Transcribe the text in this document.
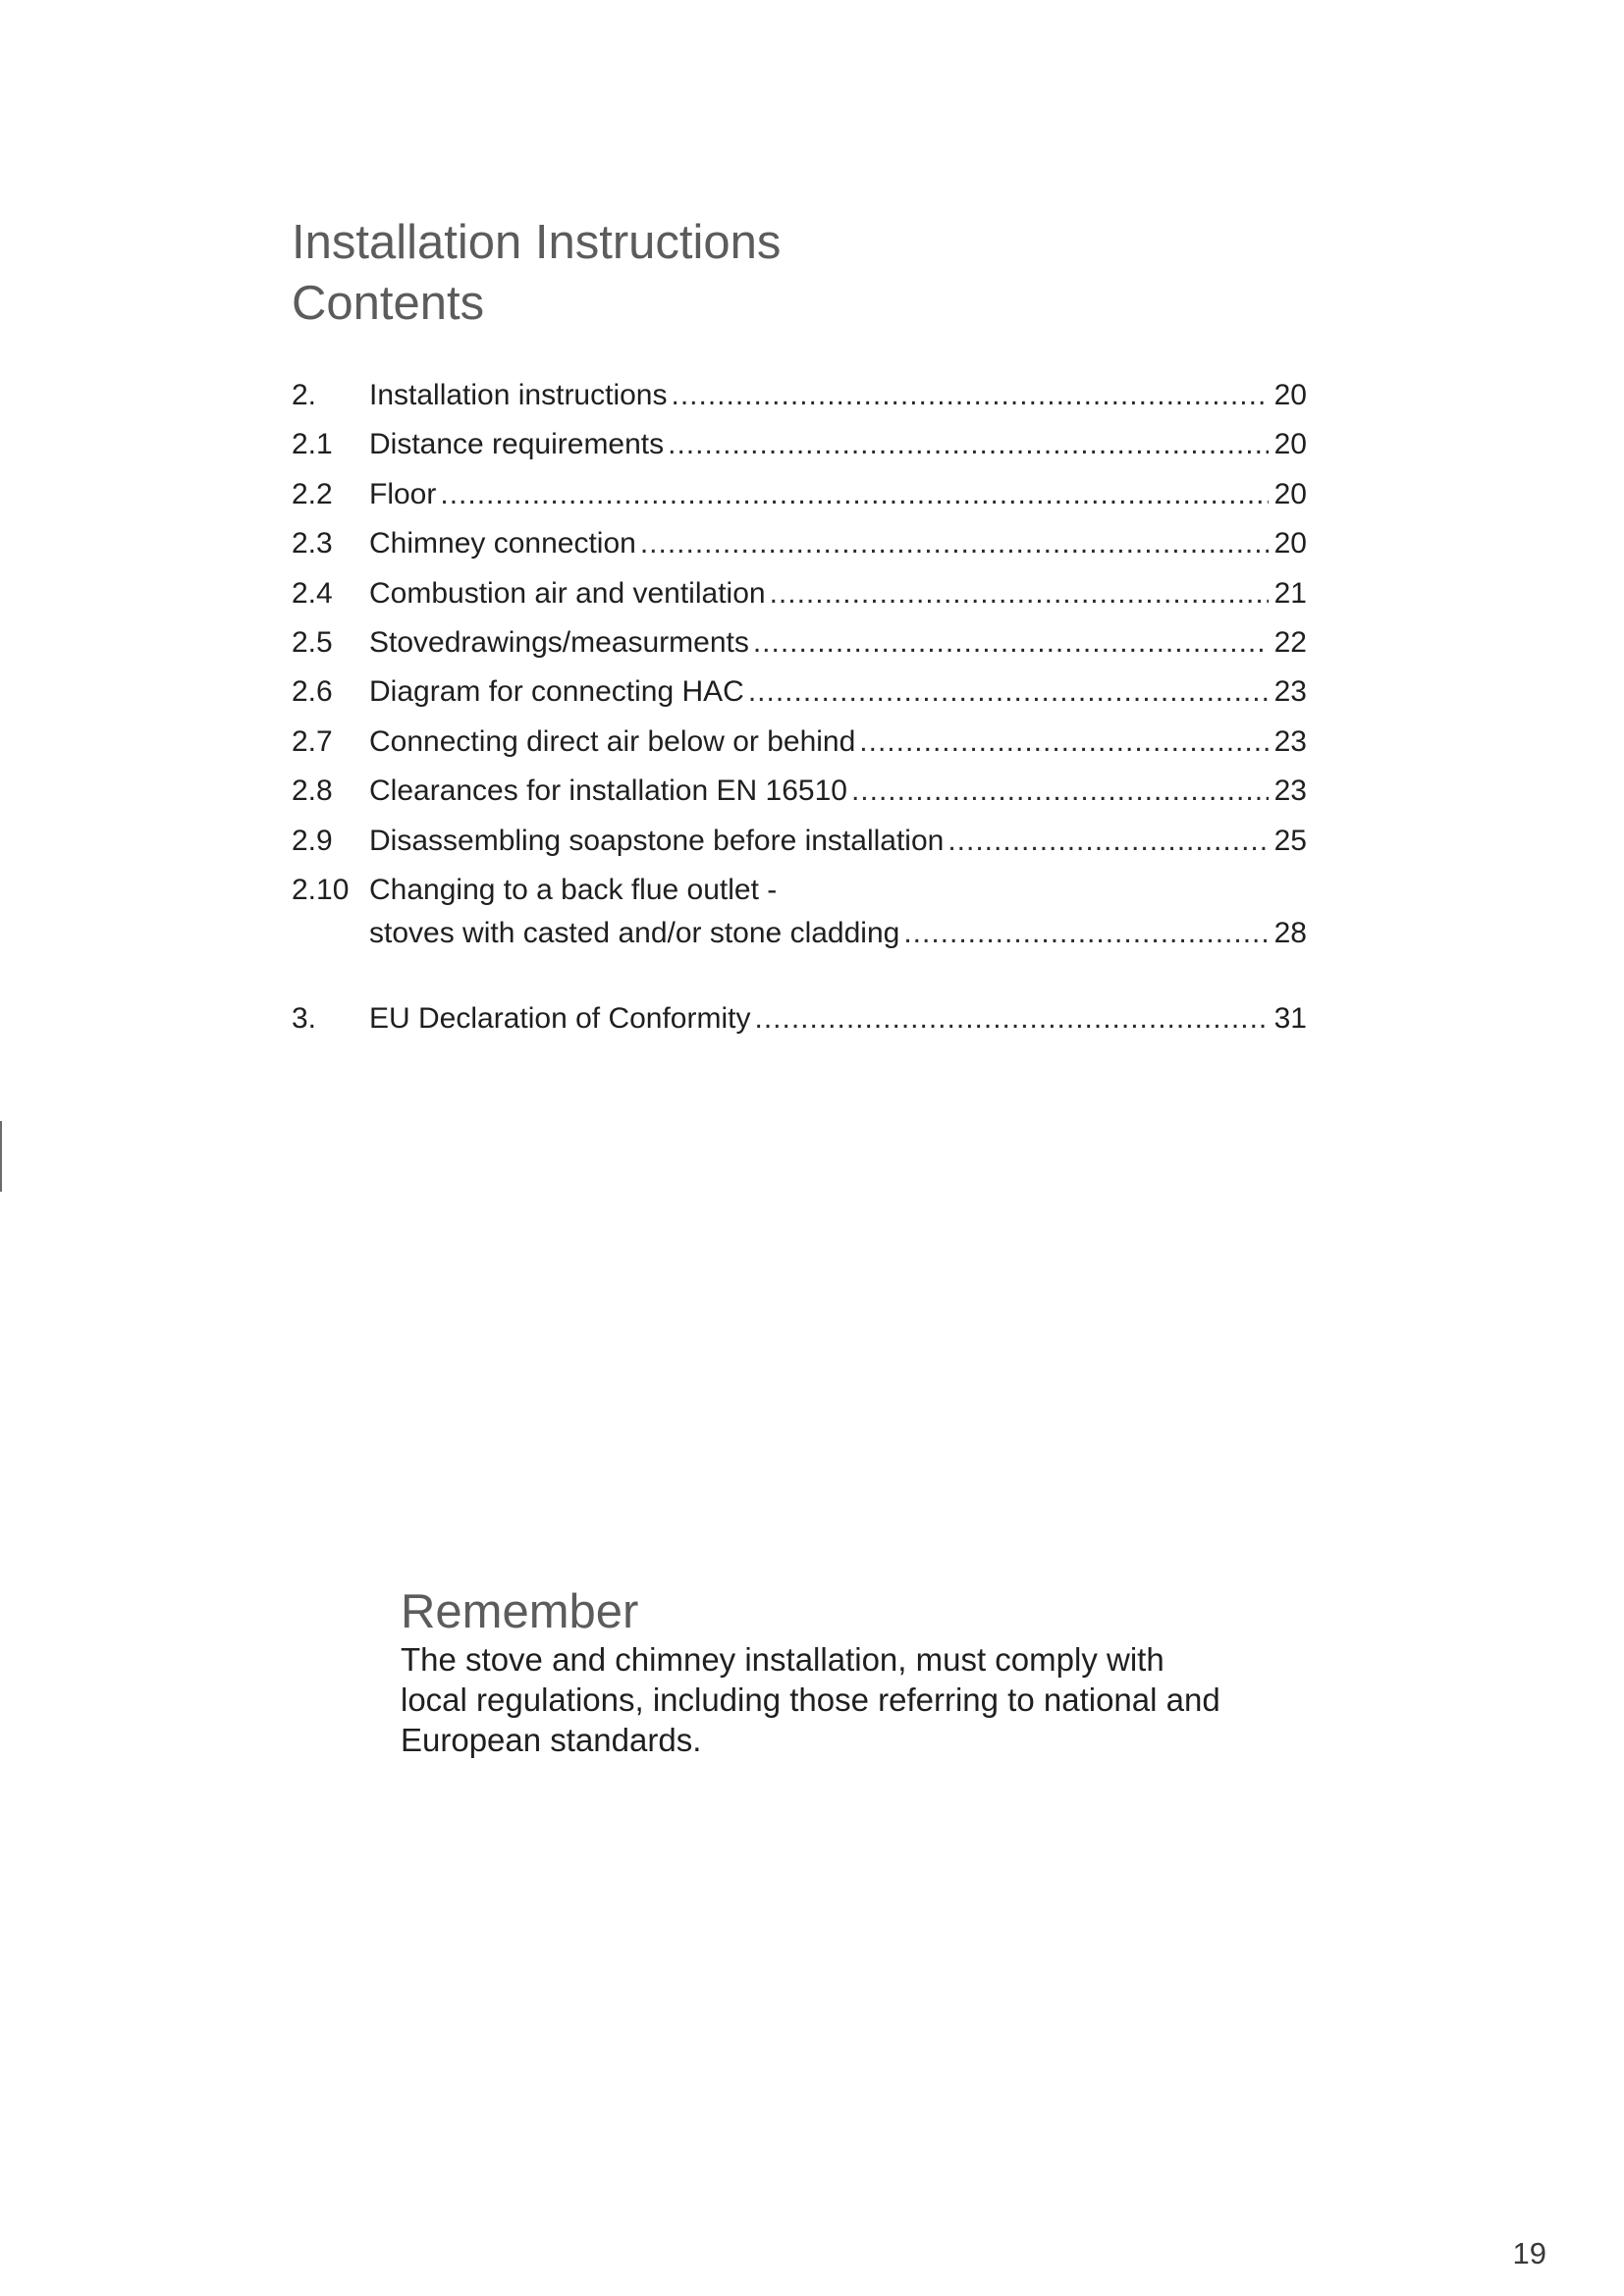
Installation Instructions
Contents
2.	Installation instructions .....	20
2.1	Distance requirements .....	20
2.2	Floor .....	20
2.3	Chimney connection .....	20
2.4	Combustion air and ventilation .....	21
2.5	Stovedrawings/measurments .....	22
2.6	Diagram for connecting HAC .....	23
2.7	Connecting direct air below or behind .....	23
2.8	Clearances for installation EN 16510 .....	23
2.9	Disassembling soapstone before installation .....	25
2.10 Changing to a back flue outlet -
stoves with casted and/or stone cladding .....	28
3.	EU Declaration of Conformity .....	31
Remember

The stove and chimney installation, must comply with local regulations, including those referring to national and European standards.

19
